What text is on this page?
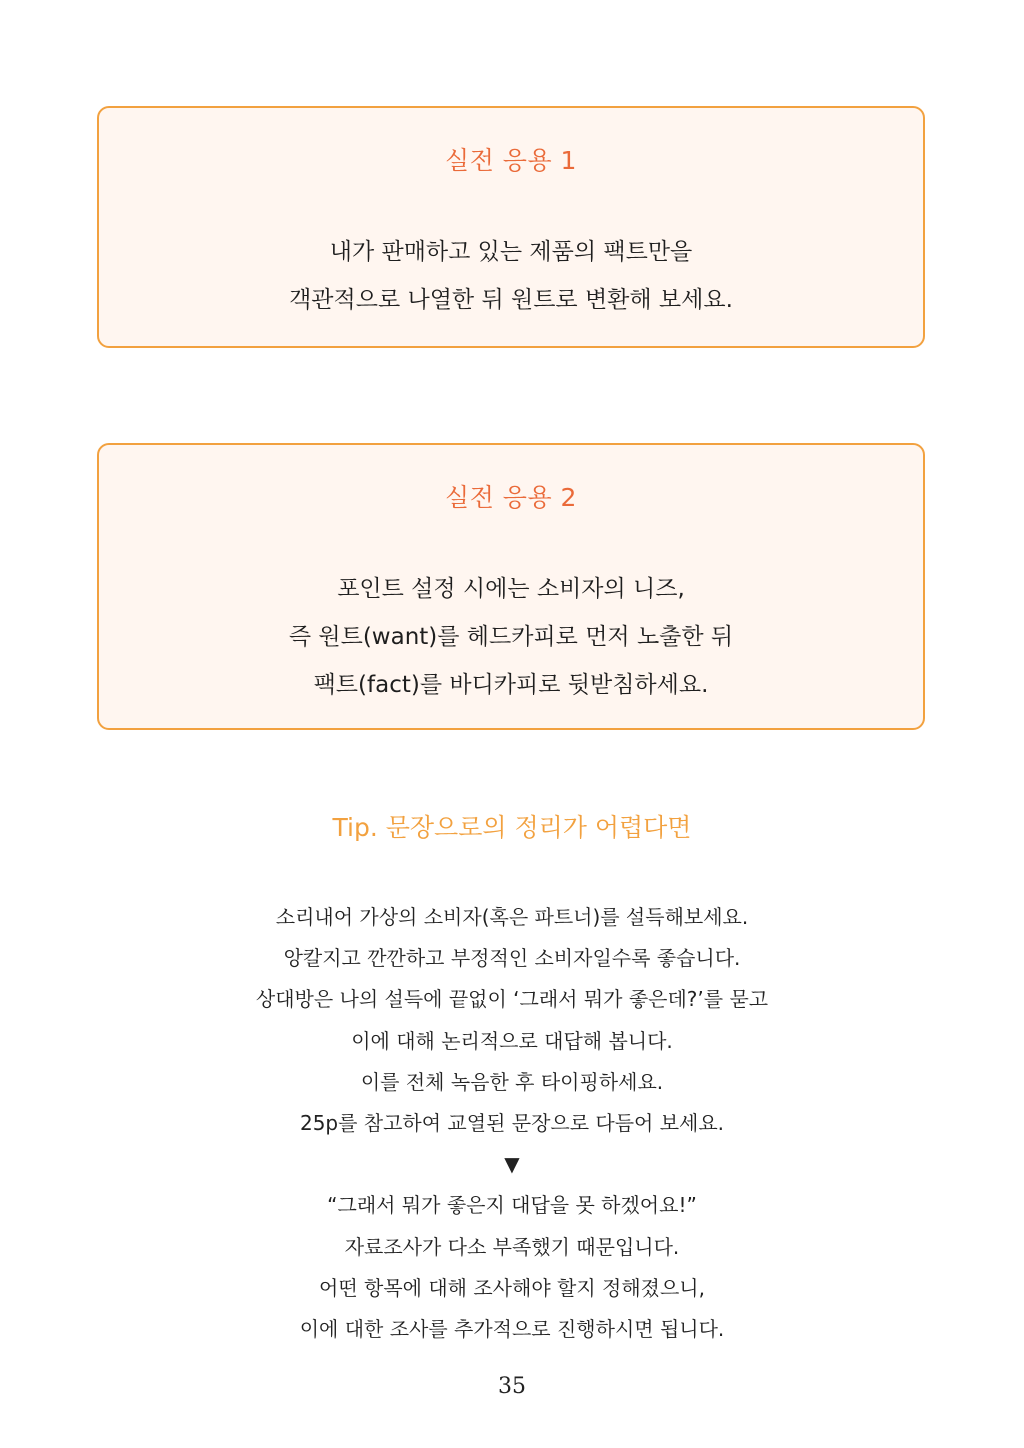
실전 응용 1
내가 판매하고 있는 제품의 팩트만을
객관적으로 나열한 뒤 원트로 변환해 보세요.
실전 응용 2
포인트 설정 시에는 소비자의 니즈,
즉 원트(want)를 헤드카피로 먼저 노출한 뒤
팩트(fact)를 바디카피로 뒷받침하세요.
Tip. 문장으로의 정리가 어렵다면
소리내어 가상의 소비자(혹은 파트너)를 설득해보세요.
앙칼지고 깐깐하고 부정적인 소비자일수록 좋습니다.
상대방은 나의 설득에 끝없이 ‘그래서 뭐가 좋은데?’를 묻고
이에 대해 논리적으로 대답해 봅니다.
이를 전체 녹음한 후 타이핑하세요.
25p를 참고하여 교열된 문장으로 다듬어 보세요.
▼
“그래서 뭐가 좋은지 대답을 못 하겠어요!”
자료조사가 다소 부족했기 때문입니다.
어떤 항목에 대해 조사해야 할지 정해졌으니,
이에 대한 조사를 추가적으로 진행하시면 됩니다.
35
